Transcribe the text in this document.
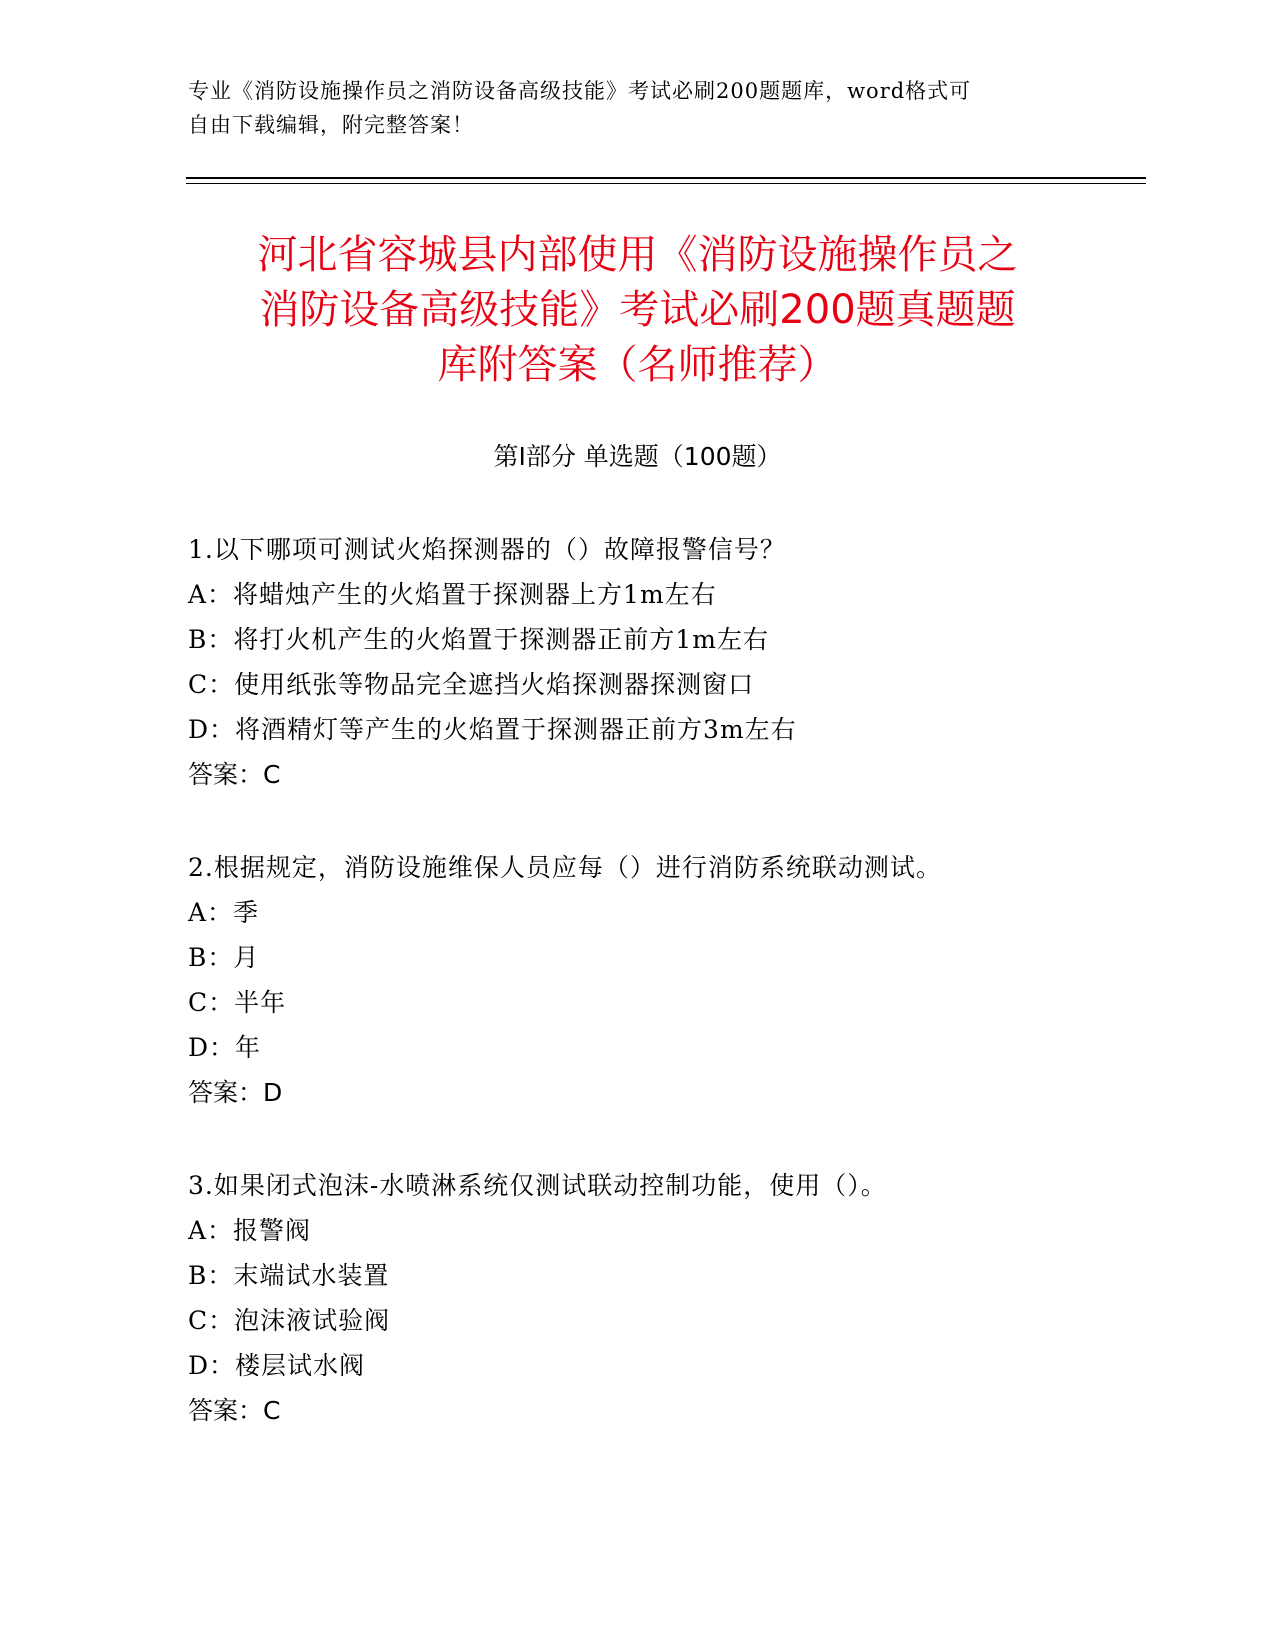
专业《消防设施操作员之消防设备高级技能》考试必刷200题题库，word格式可
自由下载编辑，附完整答案！
河北省容城县内部使用《消防设施操作员之
消防设备高级技能》考试必刷200题真题题
库附答案（名师推荐）
第Ⅰ部分 单选题（100题）
1.以下哪项可测试火焰探测器的（）故障报警信号？
A：将蜡烛产生的火焰置于探测器上方1m左右
B：将打火机产生的火焰置于探测器正前方1m左右
C：使用纸张等物品完全遮挡火焰探测器探测窗口
D：将酒精灯等产生的火焰置于探测器正前方3m左右
答案：C
2.根据规定，消防设施维保人员应每（）进行消防系统联动测试。
A：季
B：月
C：半年
D：年
答案：D
3.如果闭式泡沫-水喷淋系统仅测试联动控制功能，使用（）。
A：报警阀
B：末端试水装置
C：泡沫液试验阀
D：楼层试水阀
答案：C
